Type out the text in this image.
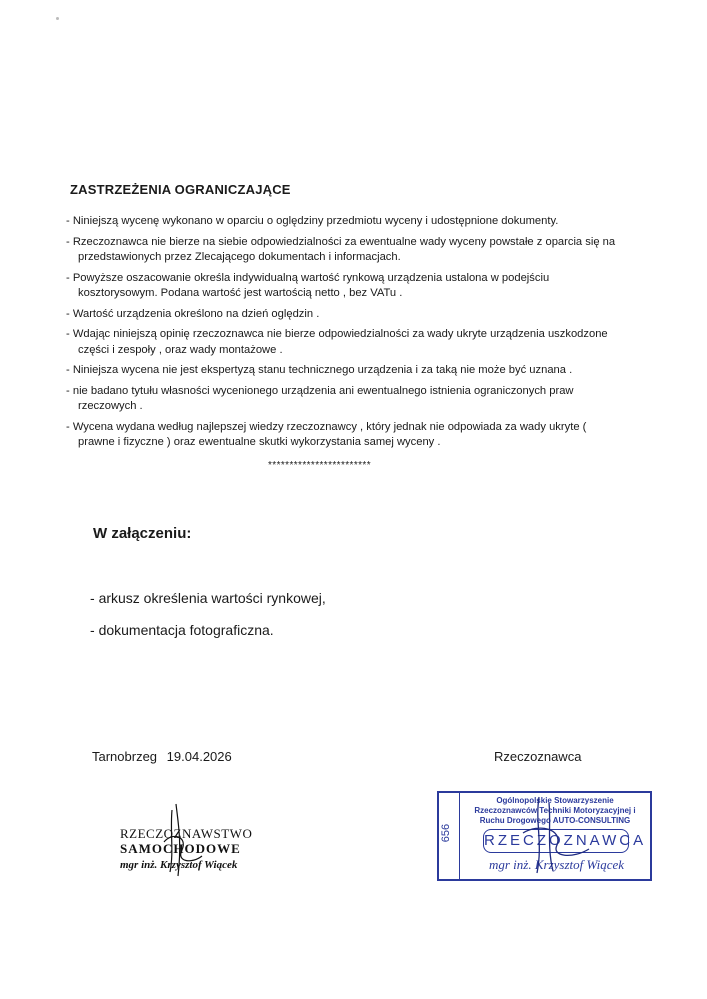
ZASTRZEŻENIA OGRANICZAJĄCE
- Niniejszą wycenę wykonano w oparciu o oględziny przedmiotu wyceny i udostępnione dokumenty.
- Rzeczoznawca nie bierze na siebie odpowiedzialności za ewentualne wady wyceny powstałe z oparcia się na przedstawionych przez Zlecającego dokumentach i informacjach.
- Powyższe oszacowanie określa indywidualną wartość rynkową urządzenia ustalona w podejściu kosztorysowym. Podana wartość jest wartością netto , bez VATu .
- Wartość urządzenia określono na dzień oględzin .
- Wdając niniejszą opinię rzeczoznawca nie bierze odpowiedzialności za wady ukryte urządzenia uszkodzone części i zespoły , oraz wady montażowe .
- Niniejsza wycena nie jest ekspertyzą stanu technicznego urządzenia i za taką nie może być uznana .
- nie badano tytułu własności wycenionego urządzenia ani ewentualnego istnienia ograniczonych praw rzeczowych .
- Wycena wydana według najlepszej wiedzy rzeczoznawcy , który jednak nie odpowiada za wady ukryte ( prawne i fizyczne ) oraz ewentualne skutki wykorzystania samej wyceny .
************************
W załączeniu:
- arkusz określenia wartości rynkowej,
- dokumentacja fotograficzna.
Tarnobrzeg 19.04.2026	Rzeczoznawca
RZECZOZNAWSTWO
SAMOCHODOWE
mgr inż. Krzysztof Wiącek
656
Ogólnopolskie Stowarzyszenie Rzeczoznawców Techniki Motoryzacyjnej i Ruchu Drogowego AUTO-CONSULTING
RZECZOZNAWCA
mgr inż. Krzysztof Wiącek
